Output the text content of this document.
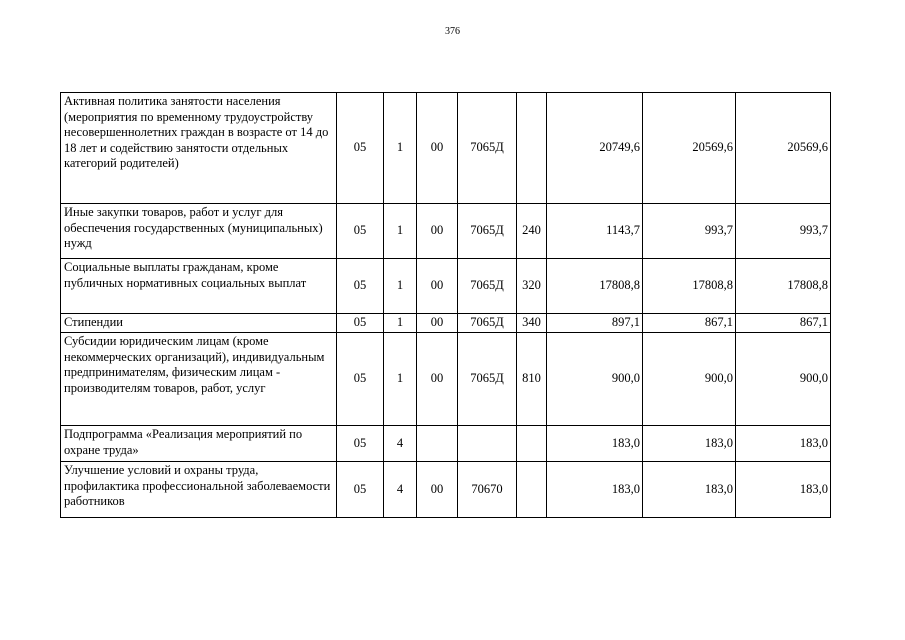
376
Активная политика занятости населения (мероприятия по временному трудоустройству несовершеннолетних граждан в возрасте от 14 до 18 лет и содействию занятости отдельных категорий родителей)	05	1	00	7065Д		20749,6	20569,6	20569,6
Иные закупки товаров, работ и услуг для обеспечения государственных (муниципальных) нужд	05	1	00	7065Д	240	1143,7	993,7	993,7
Социальные выплаты гражданам, кроме публичных нормативных социальных выплат	05	1	00	7065Д	320	17808,8	17808,8	17808,8
Стипендии	05	1	00	7065Д	340	897,1	867,1	867,1
Субсидии юридическим лицам (кроме некоммерческих организаций), индивидуальным предпринимателям, физическим лицам - производителям товаров, работ, услуг	05	1	00	7065Д	810	900,0	900,0	900,0
Подпрограмма «Реализация мероприятий по охране труда»	05	4				183,0	183,0	183,0
Улучшение условий и охраны труда, профилактика профессиональной заболеваемости работников	05	4	00	70670		183,0	183,0	183,0
